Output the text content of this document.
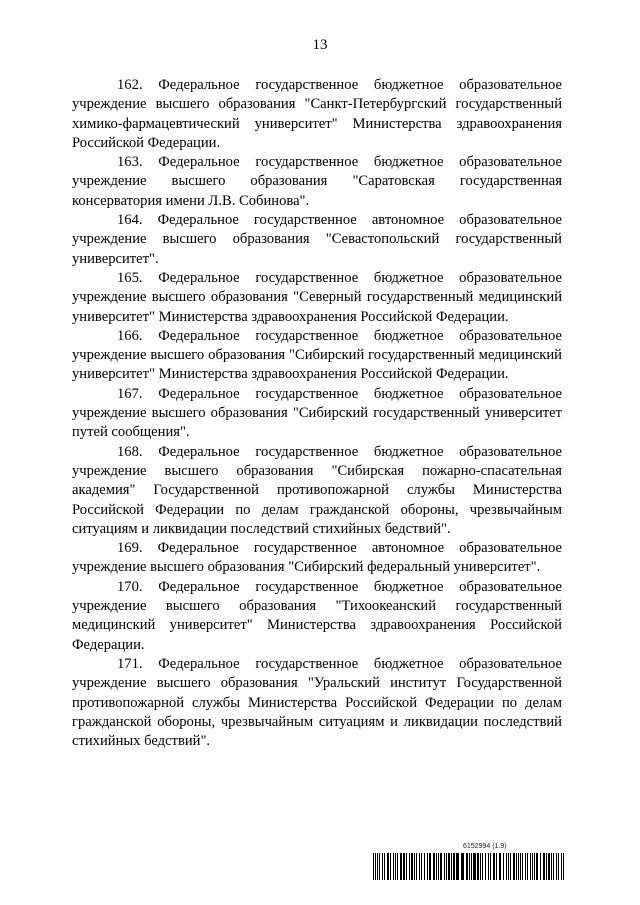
13

162. Федеральное государственное бюджетное образовательное учреждение высшего образования "Санкт-Петербургский государственный химико-фармацевтический университет" Министерства здравоохранения Российской Федерации.

163. Федеральное государственное бюджетное образовательное учреждение высшего образования "Саратовская государственная консерватория имени Л.В. Собинова".

164. Федеральное государственное автономное образовательное учреждение высшего образования "Севастопольский государственный университет".

165. Федеральное государственное бюджетное образовательное учреждение высшего образования "Северный государственный медицинский университет" Министерства здравоохранения Российской Федерации.

166. Федеральное государственное бюджетное образовательное учреждение высшего образования "Сибирский государственный медицинский университет" Министерства здравоохранения Российской Федерации.

167. Федеральное государственное бюджетное образовательное учреждение высшего образования "Сибирский государственный университет путей сообщения".

168. Федеральное государственное бюджетное образовательное учреждение высшего образования "Сибирская пожарно-спасательная академия" Государственной противопожарной службы Министерства Российской Федерации по делам гражданской обороны, чрезвычайным ситуациям и ликвидации последствий стихийных бедствий".

169. Федеральное государственное автономное образовательное учреждение высшего образования "Сибирский федеральный университет".

170. Федеральное государственное бюджетное образовательное учреждение высшего образования "Тихоокеанский государственный медицинский университет" Министерства здравоохранения Российской Федерации.

171. Федеральное государственное бюджетное образовательное учреждение высшего образования "Уральский институт Государственной противопожарной службы Министерства Российской Федерации по делам гражданской обороны, чрезвычайным ситуациям и ликвидации последствий стихийных бедствий".

6152994 (1.9)
